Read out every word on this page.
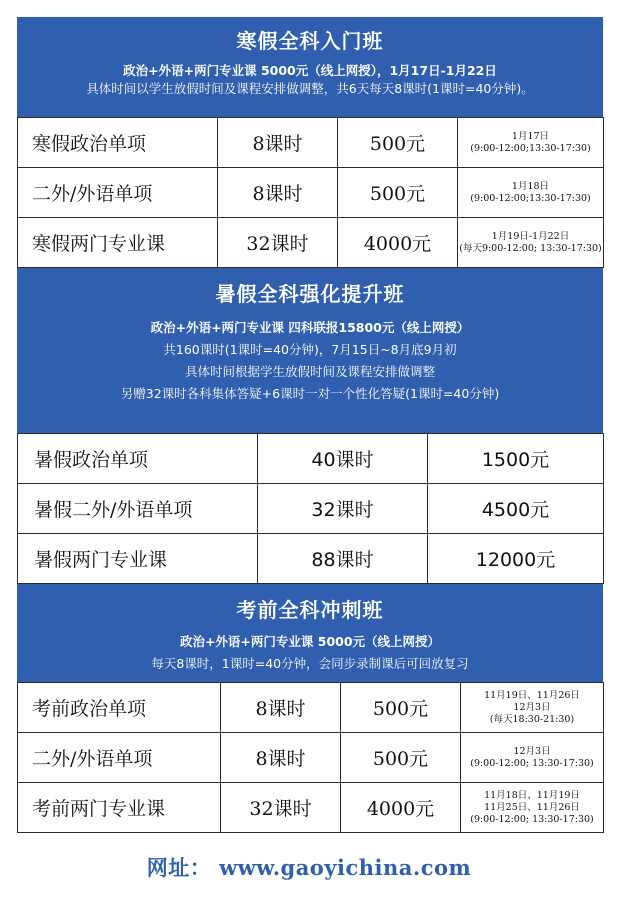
寒假全科入门班
政治+外语+两门专业课 5000元（线上网授），1月17日-1月22日
具体时间以学生放假时间及课程安排做调整，共6天每天8课时(1课时=40分钟)。
寒假政治单项	8课时	500元	1月17日
(9:00-12:00;13:30-17:30)

二外/外语单项	8课时	500元	1月18日
(9:00-12:00;13:30-17:30)

寒假两门专业课	32课时	4000元	1月19日-1月22日
(每天9:00-12:00; 13:30-17:30)
暑假全科强化提升班
政治+外语+两门专业课 四科联报15800元（线上网授）
共160课时(1课时=40分钟)，7月15日~8月底9月初
具体时间根据学生放假时间及课程安排做调整
另赠32课时各科集体答疑+6课时一对一个性化答疑(1课时=40分钟)
暑假政治单项	40课时	1500元
暑假二外/外语单项	32课时	4500元
暑假两门专业课	88课时	12000元
考前全科冲刺班
政治+外语+两门专业课 5000元（线上网授）
每天8课时，1课时=40分钟，会同步录制课后可回放复习
考前政治单项	8课时	500元	11月19日、11月26日
12月3日
(每天18:30-21:30)

二外/外语单项	8课时	500元	12月3日
(9:00-12:00; 13:30-17:30)

考前两门专业课	32课时	4000元	11月18日、11月19日
11月25日、11月26日
(9:00-12:00; 13:30-17:30)
网址： www.gaoyichina.com
